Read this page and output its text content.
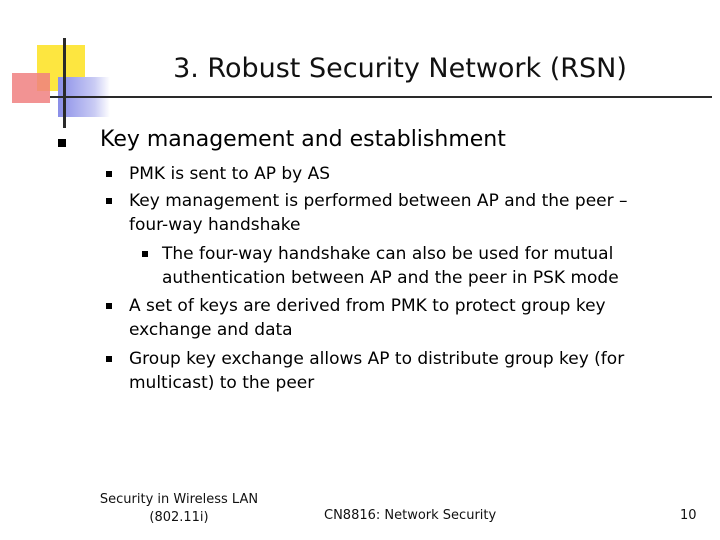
3. Robust Security Network (RSN)
Key management and establishment
PMK is sent to AP by AS
Key management is performed between AP and the peer –
four-way handshake
The four-way handshake can also be used for mutual
authentication between AP and the peer in PSK mode
A set of keys are derived from PMK to protect group key
exchange and data
Group key exchange allows AP to distribute group key (for
multicast) to the peer
Security in Wireless LAN
(802.11i)	CN8816: Network Security	10
